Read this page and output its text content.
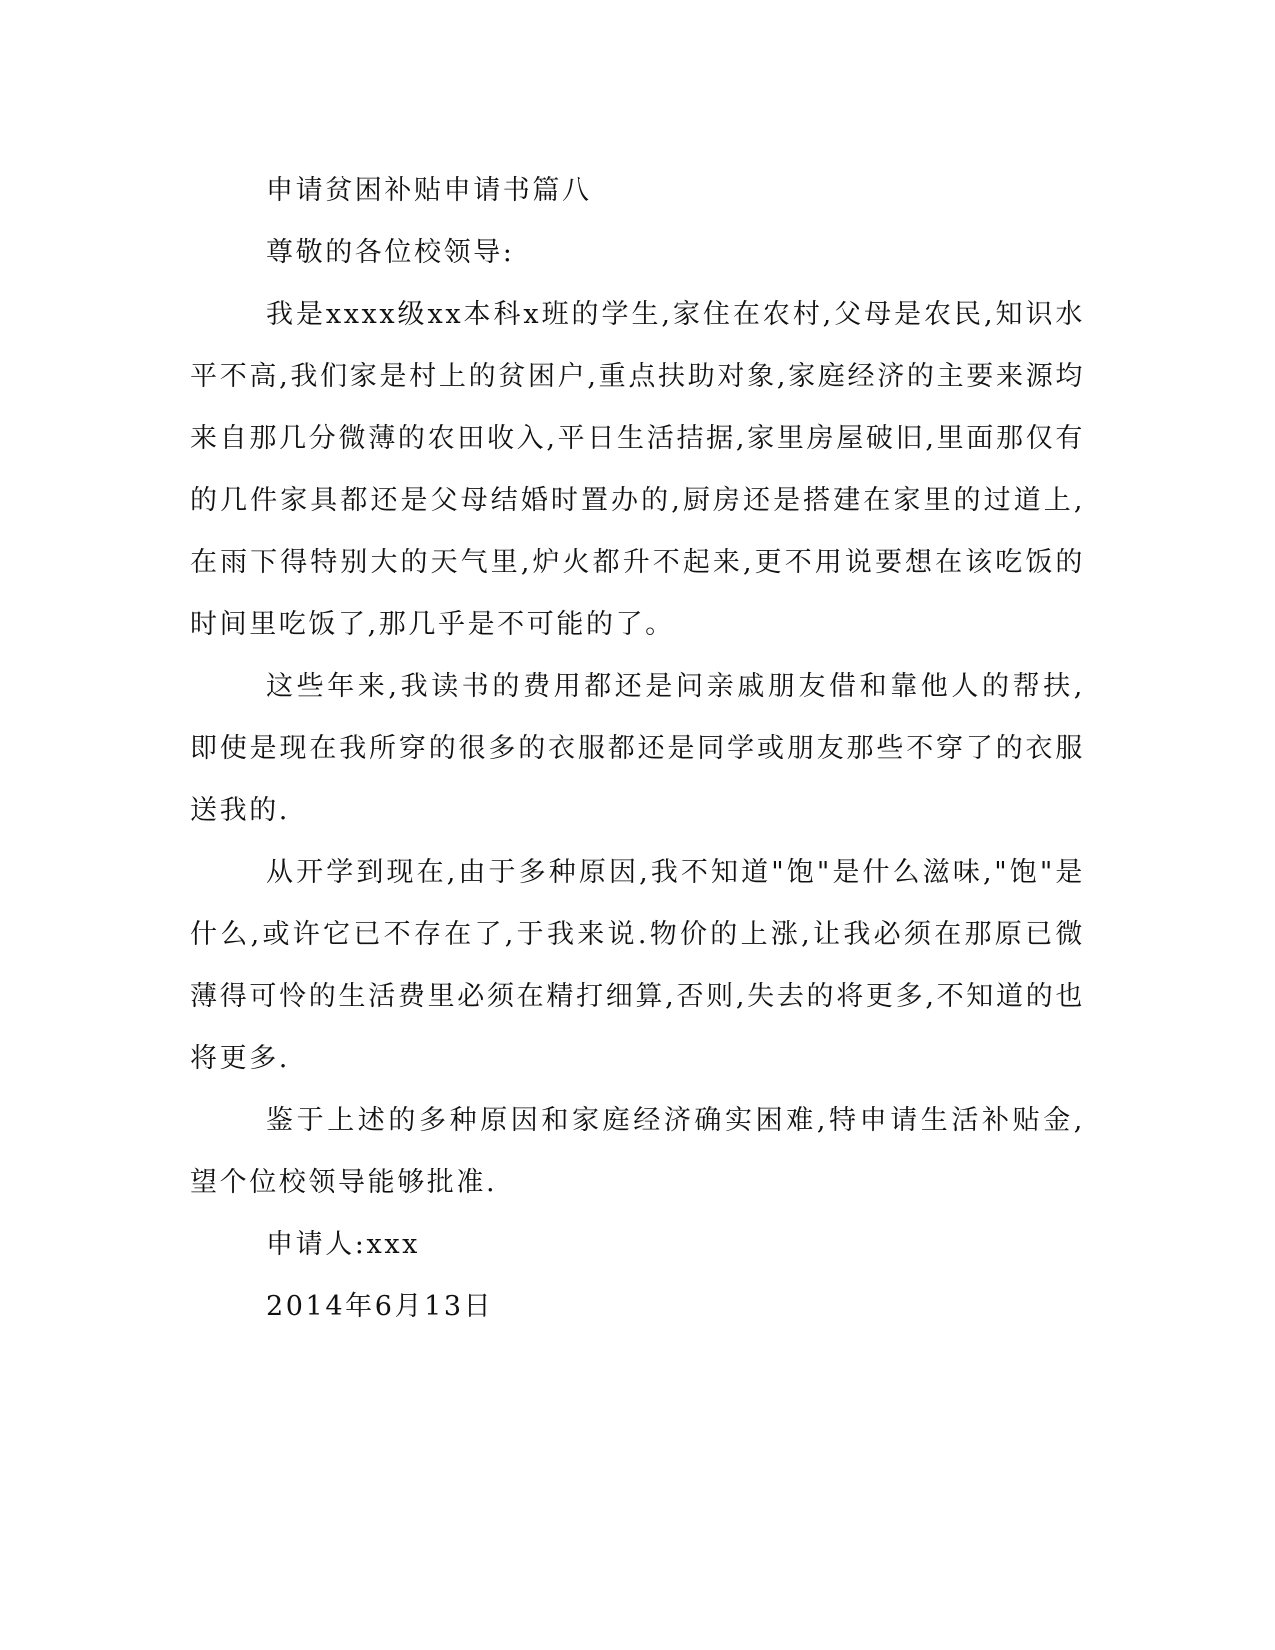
申请贫困补贴申请书篇八

尊敬的各位校领导:

我是xxxx级xx本科x班的学生,家住在农村,父母是农民,知识水平不高,我们家是村上的贫困户,重点扶助对象,家庭经济的主要来源均来自那几分微薄的农田收入,平日生活拮据,家里房屋破旧,里面那仅有的几件家具都还是父母结婚时置办的,厨房还是搭建在家里的过道上,在雨下得特别大的天气里,炉火都升不起来,更不用说要想在该吃饭的时间里吃饭了,那几乎是不可能的了。

这些年来,我读书的费用都还是问亲戚朋友借和靠他人的帮扶,即使是现在我所穿的很多的衣服都还是同学或朋友那些不穿了的衣服送我的.

从开学到现在,由于多种原因,我不知道"饱"是什么滋味,"饱"是什么,或许它已不存在了,于我来说.物价的上涨,让我必须在那原已微薄得可怜的生活费里必须在精打细算,否则,失去的将更多,不知道的也将更多.

鉴于上述的多种原因和家庭经济确实困难,特申请生活补贴金,望个位校领导能够批准.

申请人:xxx

2014年6月13日
